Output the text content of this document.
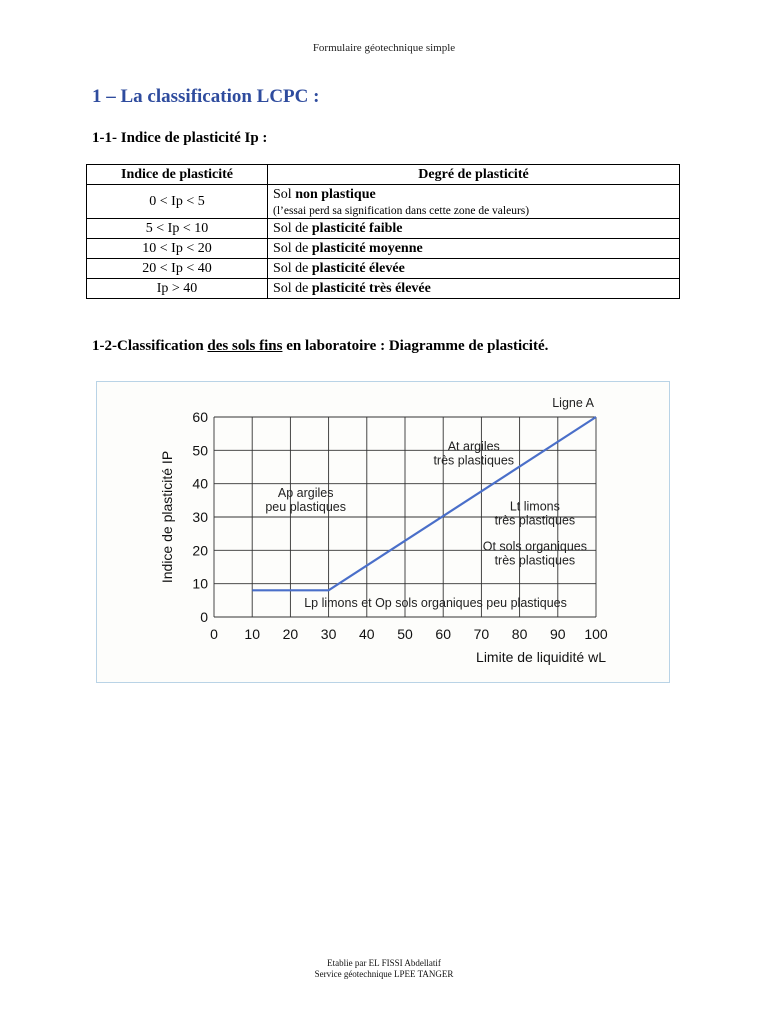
Formulaire géotechnique simple
1 – La classification LCPC :
1-1- Indice de plasticité Ip :
Indice de plasticité	Degré de plasticité
0 < Ip < 5	Sol non plastique
(l’essai perd sa signification dans cette zone de valeurs)

5 < Ip < 10	Sol de plasticité faible
10 < Ip < 20	Sol de plasticité moyenne
20 < Ip < 40	Sol de plasticité élevée
Ip > 40	Sol de plasticité très élevée
1-2-Classification des sols fins en laboratoire : Diagramme de plasticité.
0 10 20 30 40 50 60 70 80 90 100
0
10
20
30
40
50
60
Limite de liquidité wL
Indice de plasticité IP
Ligne A
At argiles très plastiques
Ap argiles peu plastiques	Lt limons très plastiques
Ot sols organiques très plastiques
Lp limons et Op sols organiques peu plastiques
Etablie par EL FISSI Abdellatif
Service géotechnique LPEE TANGER
